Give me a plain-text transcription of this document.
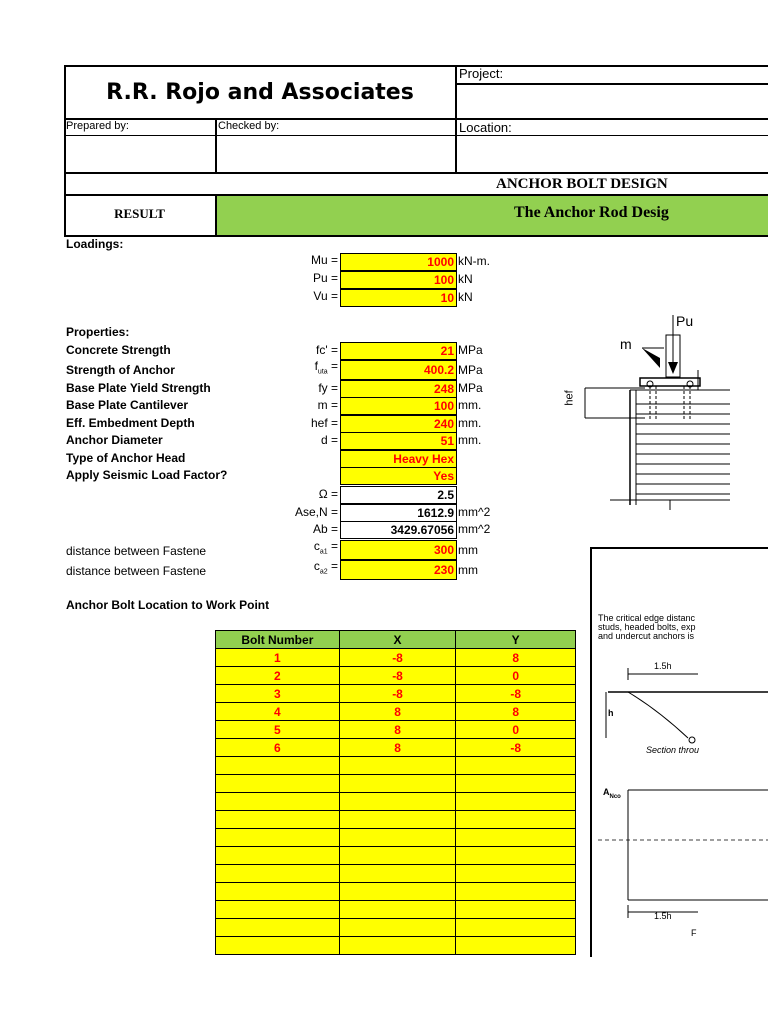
R.R. Rojo and Associates
Project:
Prepared by:	Checked by:	Location:
ANCHOR BOLT DESIGN
RESULT	The Anchor Rod Desig
Loadings:
Mu =	1000 kN-m.
Pu =	100 kN
Vu =	10 kN
Properties:
Concrete Strength	fc' =	21 MPa
Strength of Anchor	$f_{uta}$ =	400.2 MPa
Base Plate Yield Strength	fy =	248 MPa
Base Plate Cantilever	m =	100 mm.
Eff. Embedment Depth	hef =	240 mm.
Anchor Diameter	d =	51 mm.
Type of Anchor Head	Heavy Hex
Apply Seismic Load Factor?	Yes
Ω =	2.5
Ase,N =	1612.9 mm^2
Ab =	3429.67056 mm^2
distance between Fastene	$c_{a1}$ =	300 mm
distance between Fastene	$c_{a2}$ =	230 mm
Anchor Bolt Location to Work Point
Bolt Number	X	Y
1	-8	8
2	-8	0
3	-8	-8
4	8	8
5	8	0
6	8	-8

Pu
m
hef
The critical edge distanc
studs, headed bolts, exp
and undercut anchors is
1.5h
h
Section throu
$A_{Nco}$
1.5h
F
